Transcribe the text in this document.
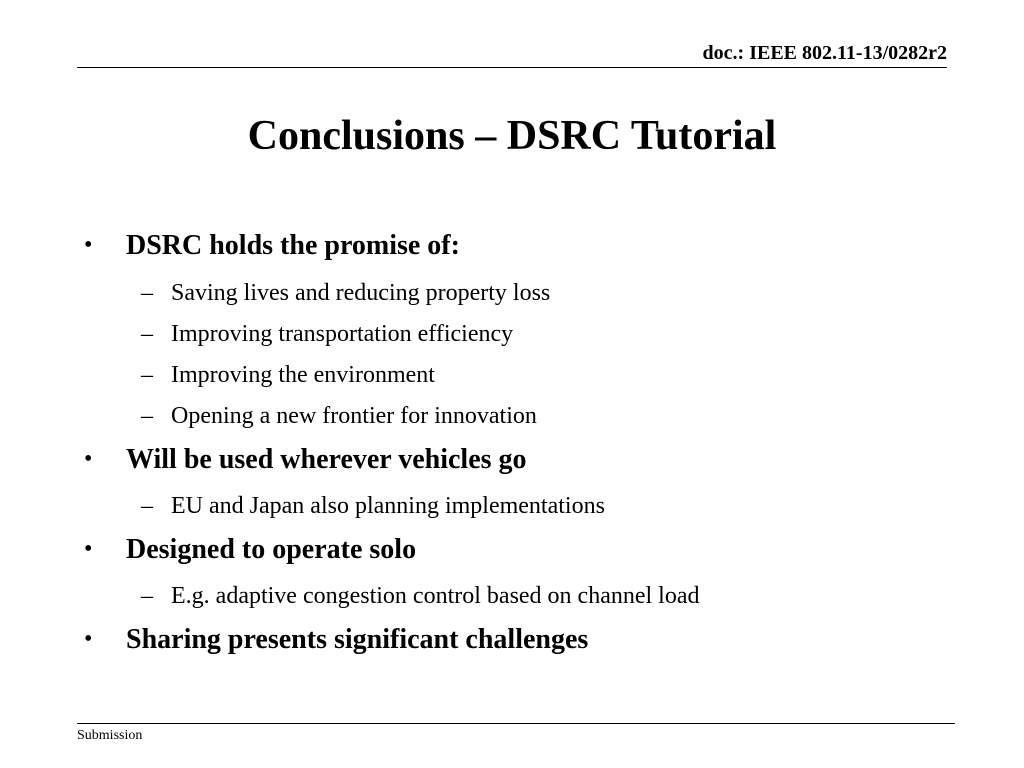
doc.: IEEE 802.11-13/0282r2
Conclusions – DSRC Tutorial
• DSRC holds the promise of:
– Saving lives and reducing property loss
– Improving transportation efficiency
– Improving the environment
– Opening a new frontier for innovation
• Will be used wherever vehicles go
– EU and Japan also planning implementations
• Designed to operate solo
– E.g. adaptive congestion control based on channel load
• Sharing presents significant challenges
Submission
